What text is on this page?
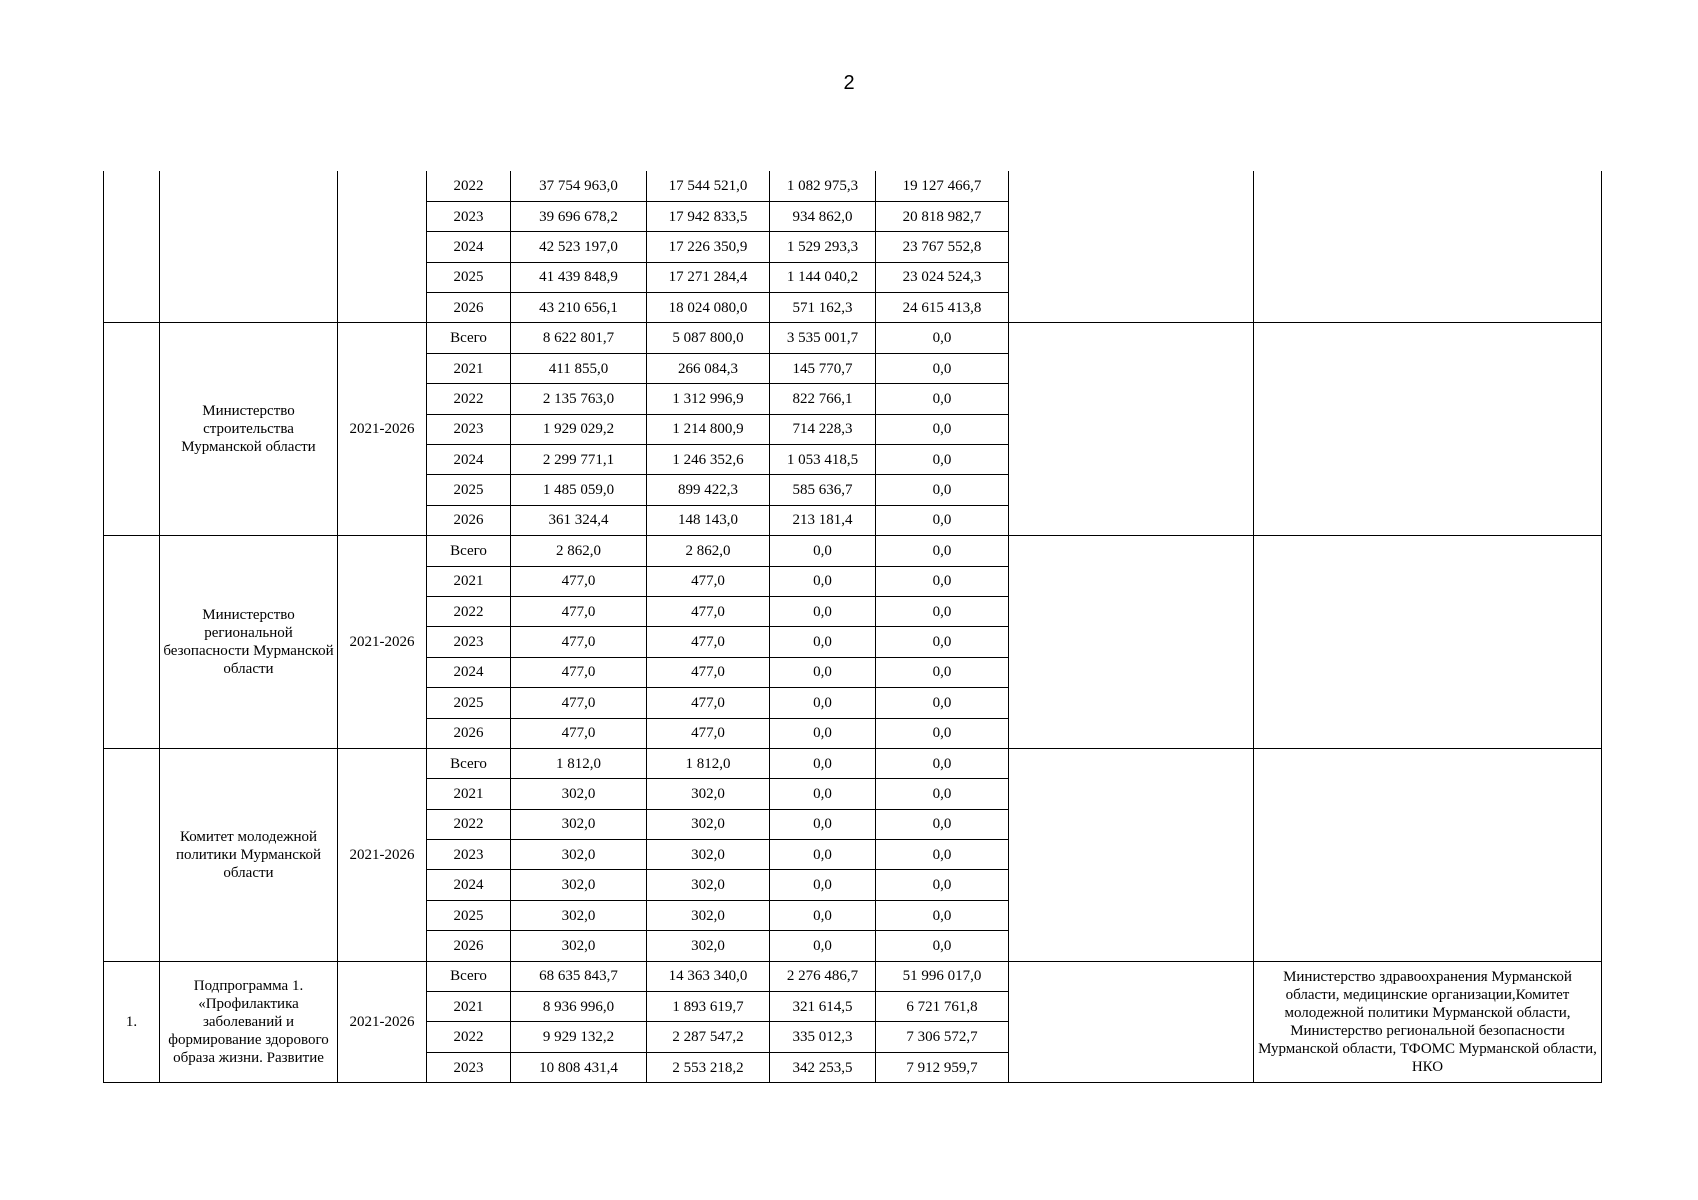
2
			2022	37 754 963,0	17 544 521,0	1 082 975,3	19 127 466,7		
			2023	39 696 678,2	17 942 833,5	934 862,0	20 818 982,7		
			2024	42 523 197,0	17 226 350,9	1 529 293,3	23 767 552,8		
			2025	41 439 848,9	17 271 284,4	1 144 040,2	23 024 524,3		
			2026	43 210 656,1	18 024 080,0	571 162,3	24 615 413,8		
	Министерство строительства Мурманской области	2021-2026	Всего	8 622 801,7	5 087 800,0	3 535 001,7	0,0		
			2021	411 855,0	266 084,3	145 770,7	0,0		
			2022	2 135 763,0	1 312 996,9	822 766,1	0,0		
			2023	1 929 029,2	1 214 800,9	714 228,3	0,0		
			2024	2 299 771,1	1 246 352,6	1 053 418,5	0,0		
			2025	1 485 059,0	899 422,3	585 636,7	0,0		
			2026	361 324,4	148 143,0	213 181,4	0,0		
	Министерство региональной безопасности Мурманской области	2021-2026	Всего	2 862,0	2 862,0	0,0	0,0		
			2021	477,0	477,0	0,0	0,0		
			2022	477,0	477,0	0,0	0,0		
			2023	477,0	477,0	0,0	0,0		
			2024	477,0	477,0	0,0	0,0		
			2025	477,0	477,0	0,0	0,0		
			2026	477,0	477,0	0,0	0,0		
	Комитет молодежной политики Мурманской области	2021-2026	Всего	1 812,0	1 812,0	0,0	0,0		
			2021	302,0	302,0	0,0	0,0		
			2022	302,0	302,0	0,0	0,0		
			2023	302,0	302,0	0,0	0,0		
			2024	302,0	302,0	0,0	0,0		
			2025	302,0	302,0	0,0	0,0		
			2026	302,0	302,0	0,0	0,0		
1.	Подпрограмма 1. «Профилактика заболеваний и формирование здорового образа жизни. Развитие	2021-2026	Всего	68 635 843,7	14 363 340,0	2 276 486,7	51 996 017,0		Министерство здравоохранения Мурманской области, медицинские организации,Комитет молодежной политики Мурманской области, Министерство региональной безопасности Мурманской области, ТФОМС Мурманской области, НКО
			2021	8 936 996,0	1 893 619,7	321 614,5	6 721 761,8		
			2022	9 929 132,2	2 287 547,2	335 012,3	7 306 572,7		
			2023	10 808 431,4	2 553 218,2	342 253,5	7 912 959,7		
